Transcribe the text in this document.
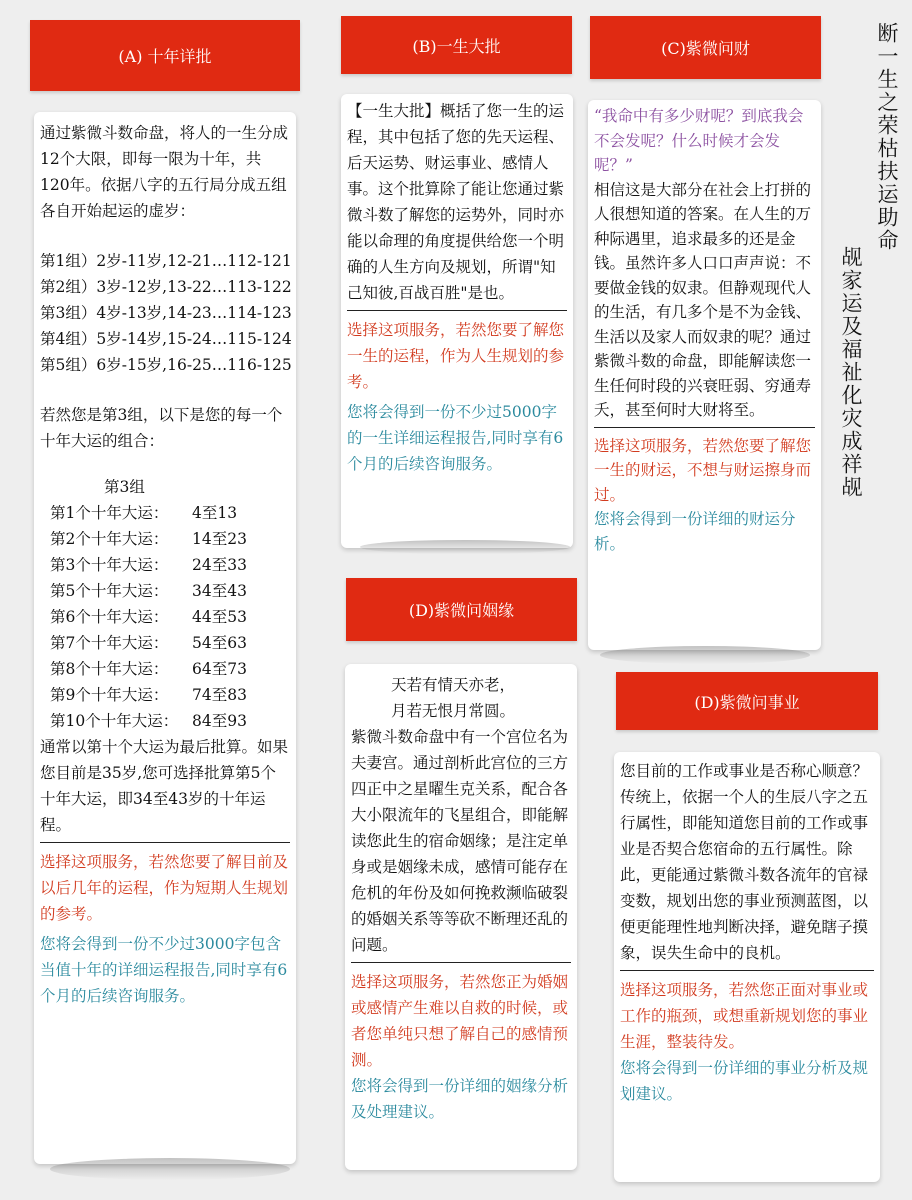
(A) 十年详批
(B)一生大批	(C)紫微问财
(D)紫微问姻缘
(D)紫微问事业
断一生之荣枯扶运助命
觇家运及福祉化灾成祥觇

通过紫微斗数命盘，将人的一生分成12个大限，即每一限为十年，共120年。依据八字的五行局分成五组各自开始起运的虚岁：

第1组）2岁-11岁,12-21…112-121
第2组）3岁-12岁,13-22…113-122
第3组）4岁-13岁,14-23…114-123
第4组）5岁-14岁,15-24…115-124
第5组）6岁-15岁,16-25…116-125

若然您是第3组，以下是您的每一个十年大运的组合：

第3组
第1个十年大运：	4至13
第2个十年大运：	14至23
第3个十年大运：	24至33
第5个十年大运：	34至43
第6个十年大运：	44至53
第7个十年大运：	54至63
第8个十年大运：	64至73
第9个十年大运：	74至83
第10个十年大运： 84至93

通常以第十个大运为最后批算。如果您目前是35岁,您可选择批算第5个十年大运，即34至43岁的十年运程。

选择这项服务，若然您要了解目前及以后几年的运程，作为短期人生规划的参考。

您将会得到一份不少过3000字包含当值十年的详细运程报告,同时享有6个月的后续咨询服务。

【一生大批】概括了您一生的运程，其中包括了您的先天运程、后天运势、财运事业、感情人事。这个批算除了能让您通过紫微斗数了解您的运势外，同时亦能以命理的角度提供给您一个明确的人生方向及规划，所谓"知己知彼,百战百胜"是也。

选择这项服务，若然您要了解您一生的运程，作为人生规划的参考。

您将会得到一份不少过5000字的一生详细运程报告,同时享有6个月的后续咨询服务。

“我命中有多少财呢？到底我会不会发呢？什么时候才会发呢？”

相信这是大部分在社会上打拼的人很想知道的答案。在人生的万种际遇里，追求最多的还是金钱。虽然许多人口口声声说：不要做金钱的奴隶。但静观现代人的生活，有几多个是不为金钱、生活以及家人而奴隶的呢？通过紫微斗数的命盘，即能解读您一生任何时段的兴衰旺弱、穷通寿夭，甚至何时大财将至。

选择这项服务，若然您要了解您一生的财运，不想与财运擦身而过。

您将会得到一份详细的财运分析。

天若有情天亦老，
月若无恨月常圆。

紫微斗数命盘中有一个宫位名为夫妻宫。通过剖析此宫位的三方四正中之星曜生克关系，配合各大小限流年的飞星组合，即能解读您此生的宿命姻缘；是注定单身或是姻缘未成，感情可能存在危机的年份及如何挽救濒临破裂的婚姻关系等等砍不断理还乱的问题。

选择这项服务，若然您正为婚姻或感情产生难以自救的时候，或者您单纯只想了解自己的感情预测。

您将会得到一份详细的姻缘分析及处理建议。

您目前的工作或事业是否称心顺意？传统上，依据一个人的生辰八字之五行属性，即能知道您目前的工作或事业是否契合您宿命的五行属性。除此，更能通过紫微斗数各流年的官禄变数，规划出您的事业预测蓝图，以便更能理性地判断决择，避免瞎子摸象，误失生命中的良机。

选择这项服务，若然您正面对事业或工作的瓶颈，或想重新规划您的事业生涯，整装待发。

您将会得到一份详细的事业分析及规划建议。
